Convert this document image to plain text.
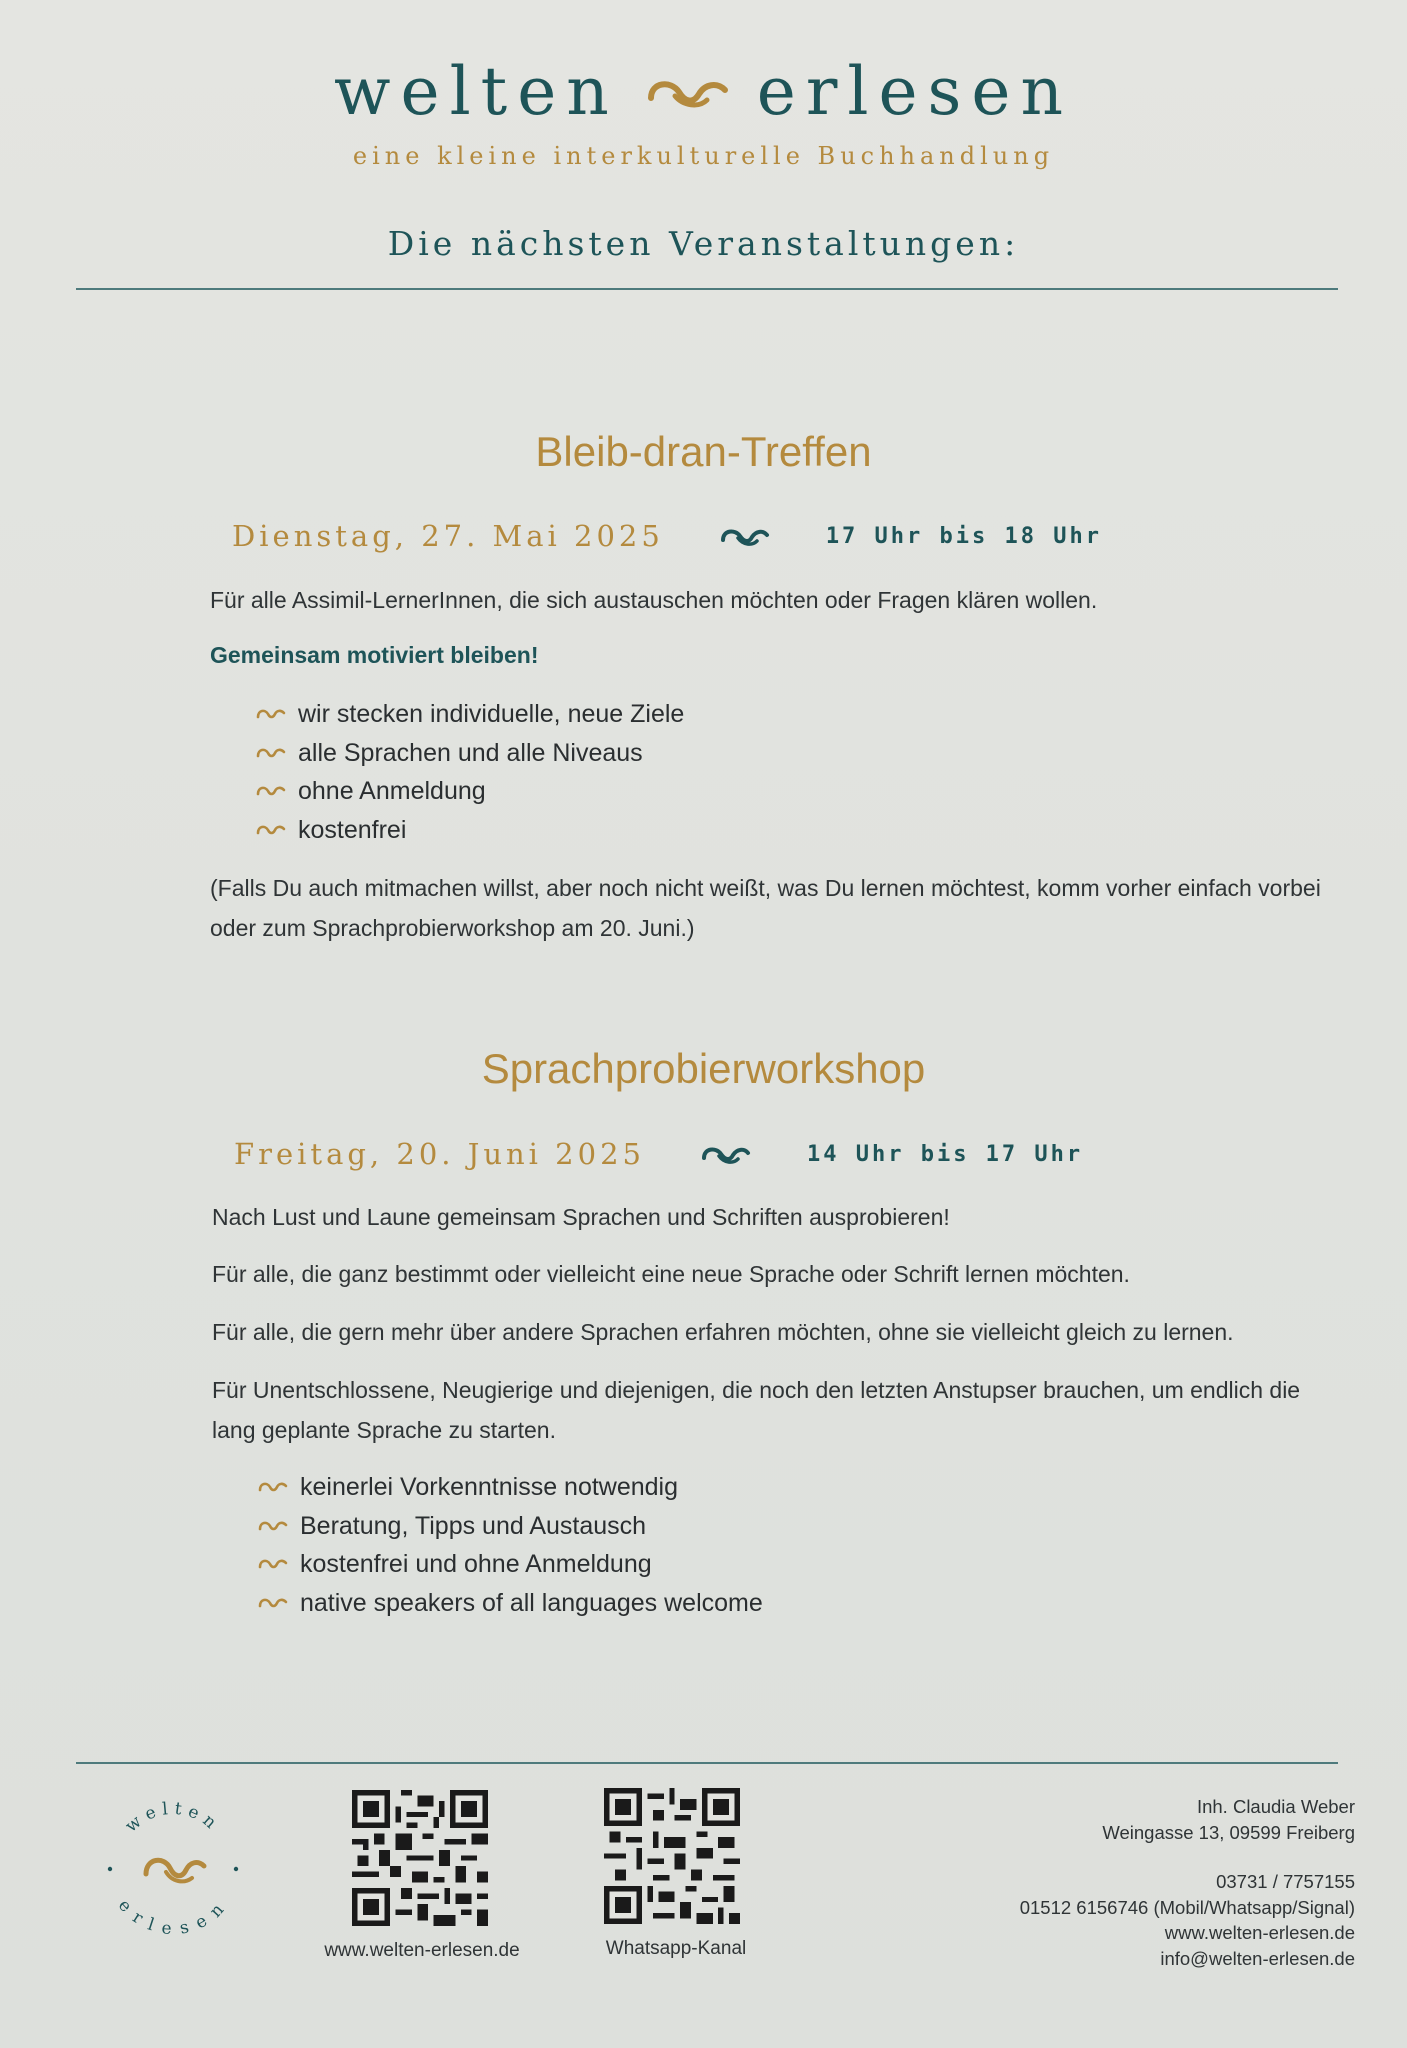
welten erlesen
eine kleine interkulturelle Buchhandlung
Die nächsten Veranstaltungen:
Bleib-dran-Treffen
Dienstag, 27. Mai 2025	17 Uhr bis 18 Uhr
Für alle Assimil-LernerInnen, die sich austauschen möchten oder Fragen klären wollen.
Gemeinsam motiviert bleiben!
wir stecken individuelle, neue Ziele
alle Sprachen und alle Niveaus
ohne Anmeldung
kostenfrei
(Falls Du auch mitmachen willst, aber noch nicht weißt, was Du lernen möchtest, komm vorher einfach vorbei oder zum Sprachprobierworkshop am 20. Juni.)
Sprachprobierworkshop
Freitag, 20. Juni 2025	14 Uhr bis 17 Uhr
Nach Lust und Laune gemeinsam Sprachen und Schriften ausprobieren!
Für alle, die ganz bestimmt oder vielleicht eine neue Sprache oder Schrift lernen möchten.
Für alle, die gern mehr über andere Sprachen erfahren möchten, ohne sie vielleicht gleich zu lernen.
Für Unentschlossene, Neugierige und diejenigen, die noch den letzten Anstupser brauchen, um endlich die lang geplante Sprache zu starten.
keinerlei Vorkenntnisse notwendig
Beratung, Tipps und Austausch
kostenfrei und ohne Anmeldung
native speakers of all languages welcome
welten
erlesen
www.welten-erlesen.de	Whatsapp-Kanal
Inh. Claudia Weber
Weingasse 13, 09599 Freiberg
03731 / 7757155
01512 6156746 (Mobil/Whatsapp/Signal)
www.welten-erlesen.de
info@welten-erlesen.de
